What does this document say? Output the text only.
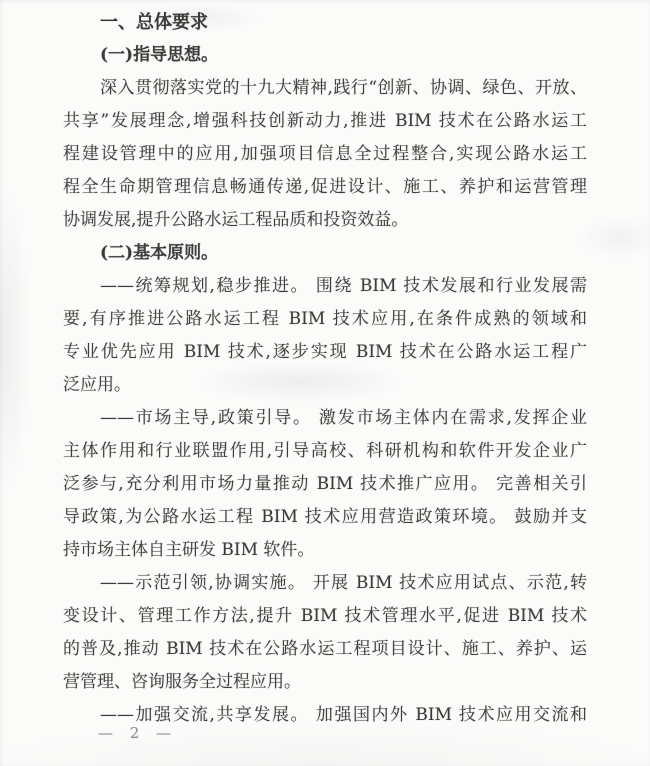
一、总体要求
(一)指导思想。
深入贯彻落实党的十九大精神,践行“创新、协调、绿色、开放、
共享”发展理念,增强科技创新动力,推进 BIM 技术在公路水运工
程建设管理中的应用,加强项目信息全过程整合,实现公路水运工
程全生命期管理信息畅通传递,促进设计、施工、养护和运营管理
协调发展,提升公路水运工程品质和投资效益。
(二)基本原则。
——统筹规划,稳步推进。 围绕 BIM 技术发展和行业发展需
要,有序推进公路水运工程 BIM 技术应用,在条件成熟的领域和
专业优先应用 BIM 技术,逐步实现 BIM 技术在公路水运工程广
泛应用。
——市场主导,政策引导。 激发市场主体内在需求,发挥企业
主体作用和行业联盟作用,引导高校、科研机构和软件开发企业广
泛参与,充分利用市场力量推动 BIM 技术推广应用。 完善相关引
导政策,为公路水运工程 BIM 技术应用营造政策环境。 鼓励并支
持市场主体自主研发 BIM 软件。
——示范引领,协调实施。 开展 BIM 技术应用试点、示范,转
变设计、管理工作方法,提升 BIM 技术管理水平,促进 BIM 技术
的普及,推动 BIM 技术在公路水运工程项目设计、施工、养护、运
营管理、咨询服务全过程应用。
——加强交流,共享发展。 加强国内外 BIM 技术应用交流和
— 2 —
